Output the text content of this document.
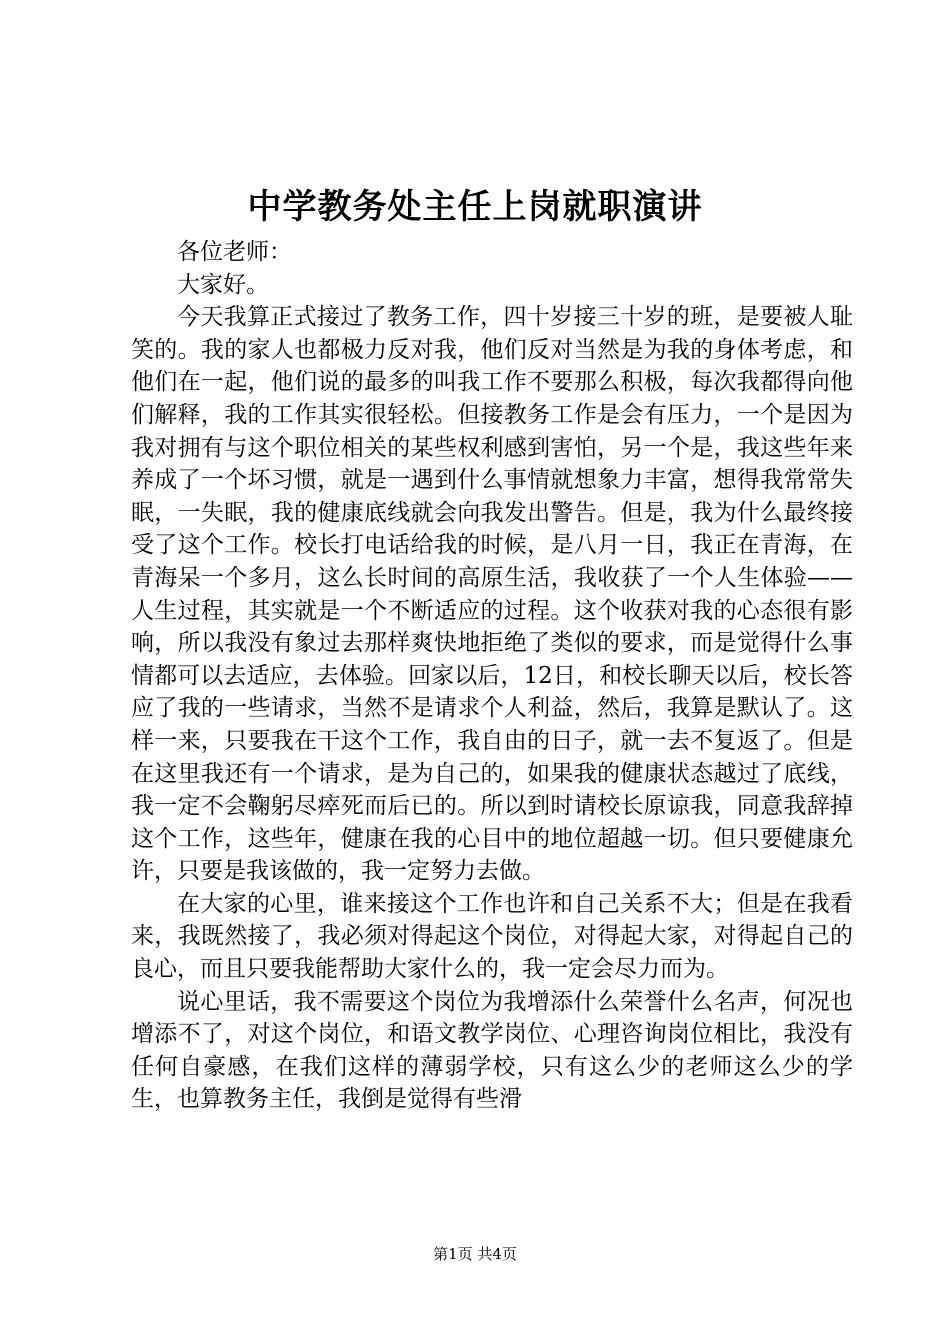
中学教务处主任上岗就职演讲

各位老师：

大家好。

今天我算正式接过了教务工作，四十岁接三十岁的班，是要被人耻笑的。我的家人也都极力反对我，他们反对当然是为我的身体考虑，和他们在一起，他们说的最多的叫我工作不要那么积极，每次我都得向他们解释，我的工作其实很轻松。但接教务工作是会有压力，一个是因为我对拥有与这个职位相关的某些权利感到害怕，另一个是，我这些年来养成了一个坏习惯，就是一遇到什么事情就想象力丰富，想得我常常失眠，一失眠，我的健康底线就会向我发出警告。但是，我为什么最终接受了这个工作。校长打电话给我的时候，是八月一日，我正在青海，在青海呆一个多月，这么长时间的高原生活，我收获了一个人生体验——人生过程，其实就是一个不断适应的过程。这个收获对我的心态很有影响，所以我没有象过去那样爽快地拒绝了类似的要求，而是觉得什么事情都可以去适应，去体验。回家以后，12日，和校长聊天以后，校长答应了我的一些请求，当然不是请求个人利益，然后，我算是默认了。这样一来，只要我在干这个工作，我自由的日子，就一去不复返了。但是在这里我还有一个请求，是为自己的，如果我的健康状态越过了底线，我一定不会鞠躬尽瘁死而后已的。所以到时请校长原谅我，同意我辞掉这个工作，这些年，健康在我的心目中的地位超越一切。但只要健康允许，只要是我该做的，我一定努力去做。

在大家的心里，谁来接这个工作也许和自己关系不大；但是在我看来，我既然接了，我必须对得起这个岗位，对得起大家，对得起自己的良心，而且只要我能帮助大家什么的，我一定会尽力而为。

说心里话，我不需要这个岗位为我增添什么荣誉什么名声，何况也增添不了，对这个岗位，和语文教学岗位、心理咨询岗位相比，我没有任何自豪感，在我们这样的薄弱学校，只有这么少的老师这么少的学生，也算教务主任，我倒是觉得有些滑

第1页 共4页
